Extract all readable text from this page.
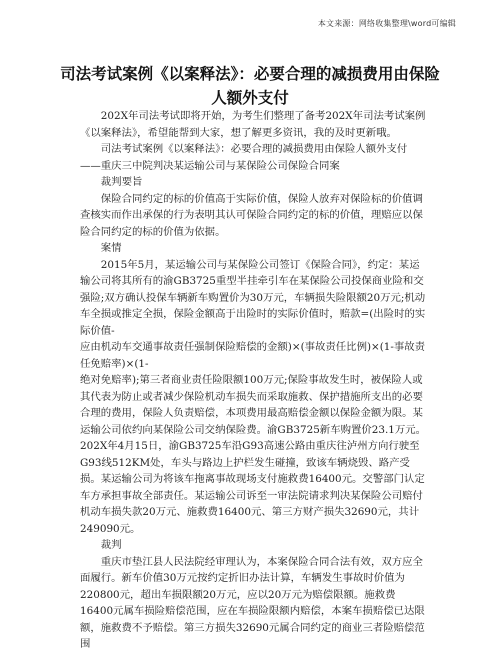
本文来源：网络收集整理\word可编辑
司法考试案例《以案释法》：必要合理的减损费用由保险人额外支付

202X年司法考试即将开始，为考生们整理了备考202X年司法考试案例《以案释法》，希望能帮到大家，想了解更多资讯，我的及时更新哦。

司法考试案例《以案释法》：必要合理的减损费用由保险人额外支付——重庆三中院判决某运输公司与某保险公司保险合同案

裁判要旨

保险合同约定的标的价值高于实际价值，保险人放弃对保险标的价值调查核实而作出承保的行为表明其认可保险合同约定的标的价值，理赔应以保险合同约定的标的价值为依据。

案情

2015年5月，某运输公司与某保险公司签订《保险合同》，约定：某运输公司将其所有的渝GB3725重型半挂牵引车在某保险公司投保商业险和交强险;双方确认投保车辆新车购置价为30万元，车辆损失险限额20万元;机动车全损或推定全损，保险金额高于出险时的实际价值时，赔款=(出险时的实际价值-

应由机动车交通事故责任强制保险赔偿的金额)×(事故责任比例)×(1-事故责任免赔率)×(1-

绝对免赔率);第三者商业责任险限额100万元;保险事故发生时，被保险人或其代表为防止或者减少保险机动车损失而采取施救、保护措施所支出的必要合理的费用，保险人负责赔偿，本项费用最高赔偿金额以保险金额为限。某运输公司依约向某保险公司交纳保险费。渝GB3725新车购置价23.1万元。202X年4月15日，渝GB3725车沿G93高速公路由重庆往泸州方向行驶至G93线512KM处，车头与路边上护栏发生碰撞，致该车辆烧毁、路产受损。某运输公司为将该车拖离事故现场支付施救费16400元。交警部门认定车方承担事故全部责任。某运输公司诉至一审法院请求判决某保险公司赔付机动车损失款20万元、施救费16400元、第三方财产损失32690元，共计249090元。

裁判

重庆市垫江县人民法院经审理认为，本案保险合同合法有效，双方应全面履行。新车价值30万元按约定折旧办法计算，车辆发生事故时价值为220800元，超出车损限额20万元，应以20万元为赔偿限额。施救费16400元属车损险赔偿范围，应在车损险限额内赔偿，本案车损赔偿已达限额，施救费不予赔偿。第三方损失32690元属合同约定的商业三者险赔偿范围
